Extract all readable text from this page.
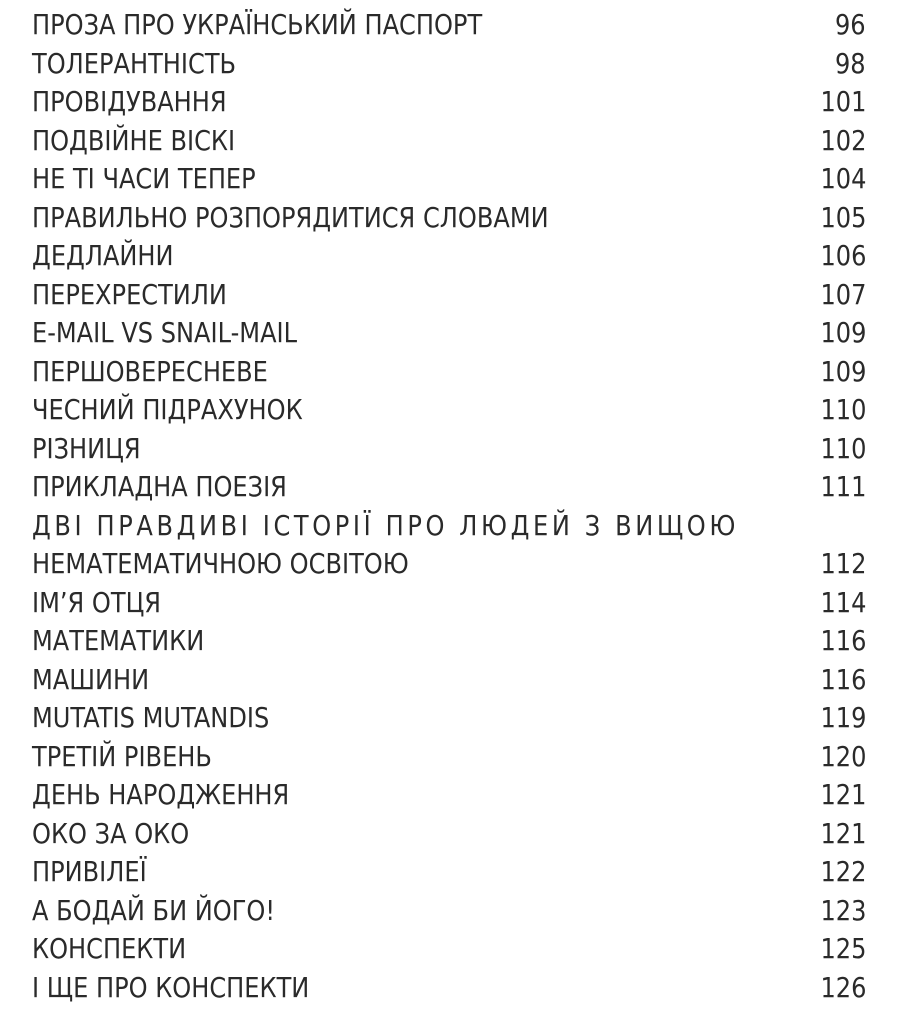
ПРОЗА ПРО УКРАЇНСЬКИЙ ПАСПОРТ	96
ТОЛЕРАНТНІСТЬ	98
ПРОВІДУВАННЯ	101
ПОДВІЙНЕ ВІСКІ	102
НЕ ТІ ЧАСИ ТЕПЕР	104
ПРАВИЛЬНО РОЗПОРЯДИТИСЯ СЛОВАМИ	105
ДЕДЛАЙНИ	106
ПЕРЕХРЕСТИЛИ	107
E-MAIL VS SNAIL-MAIL	109
ПЕРШОВЕРЕСНЕВЕ	109
ЧЕСНИЙ ПІДРАХУНОК	110
РІЗНИЦЯ	110
ПРИКЛАДНА ПОЕЗІЯ	111
ДВІ ПРАВДИВІ ІСТОРІЇ ПРО ЛЮДЕЙ З ВИЩОЮ
НЕМАТЕМАТИЧНОЮ ОСВІТОЮ	112
ІМ’Я ОТЦЯ	114
МАТЕМАТИКИ	116
МАШИНИ	116
MUTATIS MUTANDIS	119
ТРЕТІЙ РІВЕНЬ	120
ДЕНЬ НАРОДЖЕННЯ	121
ОКО ЗА ОКО	121
ПРИВІЛЕЇ	122
А БОДАЙ БИ ЙОГО!	123
КОНСПЕКТИ	125
І ЩЕ ПРО КОНСПЕКТИ	126
